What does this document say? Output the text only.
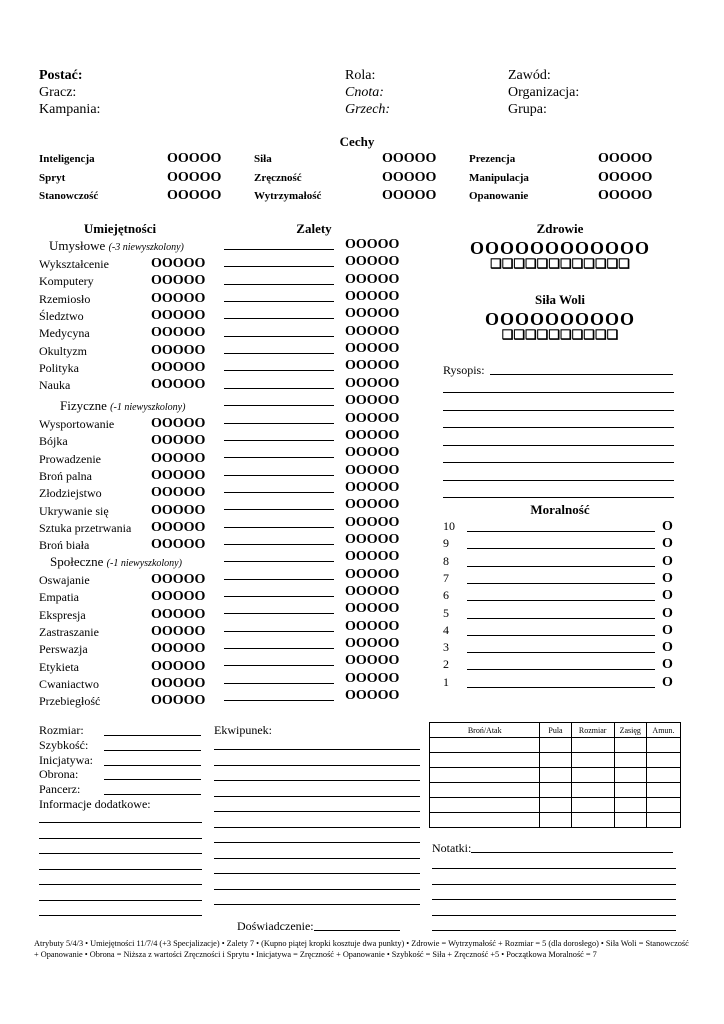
Postać:
Gracz:
Kampania:
Rola:
Cnota:
Grzech:
Zawód:
Organizacja:
Grupa:
Cechy
Inteligencja	OOOOO	Siła	OOOOO	Prezencja	OOOOO
Spryt	OOOOO	Zręczność	OOOOO	Manipulacja	OOOOO
Stanowczość	OOOOO	Wytrzymałość	OOOOO	Opanowanie	OOOOO
Umiejętności	Zalety	Zdrowie
Umysłowe (-3 niewyszkolony)
Wykształcenie	OOOOO
Komputery	OOOOO
Rzemiosło	OOOOO
Śledztwo	OOOOO
Medycyna	OOOOO
Okultyzm	OOOOO
Polityka	OOOOO
Nauka	OOOOO
Fizyczne (-1 niewyszkolony)
Wysportowanie	OOOOO
Bójka	OOOOO
Prowadzenie	OOOOO
Broń palna	OOOOO
Złodziejstwo	OOOOO
Ukrywanie się	OOOOO
Sztuka przetrwania OOOOO
Broń biała	OOOOO
Społeczne (-1 niewyszkolony)
Oswajanie	OOOOO
Empatia	OOOOO
Ekspresja	OOOOO
Zastraszanie	OOOOO
Perswazja	OOOOO
Etykieta	OOOOO
Cwaniactwo	OOOOO
Przebiegłość	OOOOO
OOOOO
OOOOO
OOOOO
OOOOO
OOOOO
OOOOO
OOOOO
OOOOO
OOOOO
OOOOO
OOOOO
OOOOO
OOOOO
OOOOO
OOOOO
OOOOO
OOOOO
OOOOO
OOOOO
OOOOO
OOOOO
OOOOO
OOOOO
OOOOO
OOOOO
OOOOO
OOOOO
OOOOOOOOOOOO
❑❑❑❑❑❑❑❑❑❑❑❑
Siła Woli
OOOOOOOOOO
❑❑❑❑❑❑❑❑❑❑
Rysopis:
Moralność
10	O
9	O
8	O
7	O
6	O
5	O
4	O
3	O
2	O
1	O
Rozmiar:
Szybkość:
Inicjatywa:
Obrona:
Pancerz:
Informacje dodatkowe:
Ekwipunek:	Broń/Atak	Pula	Rozmiar	Zasięg	Amun.

Notatki:
Doświadczenie:
Atrybuty 5/4/3 • Umiejętności 11/7/4 (+3 Specjalizacje) • Zalety 7 • (Kupno piątej kropki kosztuje dwa punkty) • Zdrowie = Wytrzymałość + Rozmiar = 5 (dla dorosłego) • Siła Woli = Stanowczość + Opanowanie • Obrona = Niższa z wartości Zręczności i Sprytu • Inicjatywa = Zręczność + Opanowanie • Szybkość = Siła + Zręczność +5 • Początkowa Moralność = 7
